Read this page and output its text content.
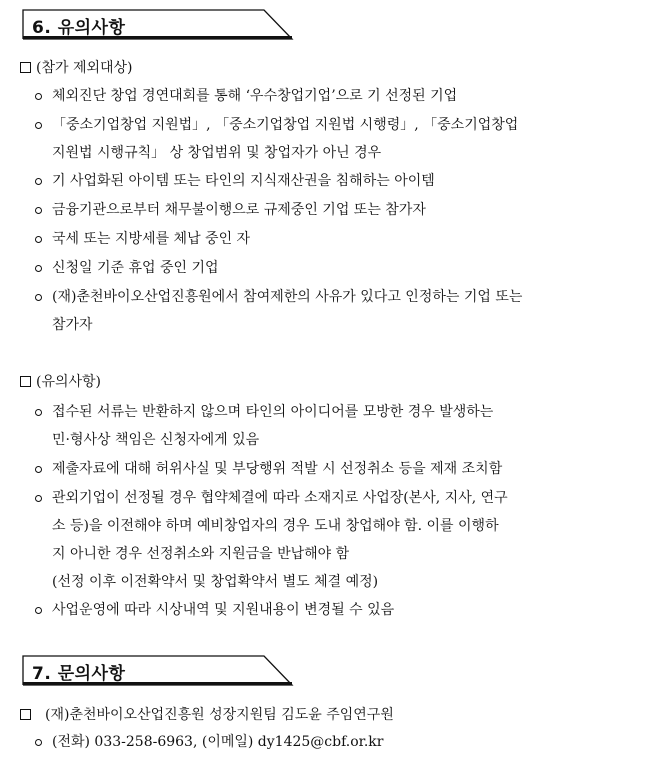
6. 유의사항
(참가 제외대상)
체외진단 창업 경연대회를 통해 ‘우수창업기업’으로 기 선정된 기업
「중소기업창업 지원법」, 「중소기업창업 지원법 시행령」, 「중소기업창업
지원법 시행규칙」 상 창업범위 및 창업자가 아닌 경우
기 사업화된 아이템 또는 타인의 지식재산권을 침해하는 아이템
금융기관으로부터 채무불이행으로 규제중인 기업 또는 참가자
국세 또는 지방세를 체납 중인 자
신청일 기준 휴업 중인 기업
(재)춘천바이오산업진흥원에서 참여제한의 사유가 있다고 인정하는 기업 또는
참가자
(유의사항)
접수된 서류는 반환하지 않으며 타인의 아이디어를 모방한 경우 발생하는
민·형사상 책임은 신청자에게 있음
제출자료에 대해 허위사실 및 부당행위 적발 시 선정취소 등을 제재 조치함
관외기업이 선정될 경우 협약체결에 따라 소재지로 사업장(본사, 지사, 연구
소 등)을 이전해야 하며 예비창업자의 경우 도내 창업해야 함. 이를 이행하
지 아니한 경우 선정취소와 지원금을 반납해야 함
(선정 이후 이전확약서 및 창업확약서 별도 체결 예정)
사업운영에 따라 시상내역 및 지원내용이 변경될 수 있음
7. 문의사항
(재)춘천바이오산업진흥원 성장지원팀 김도윤 주임연구원
(전화) 033-258-6963, (이메일) dy1425@cbf.or.kr
